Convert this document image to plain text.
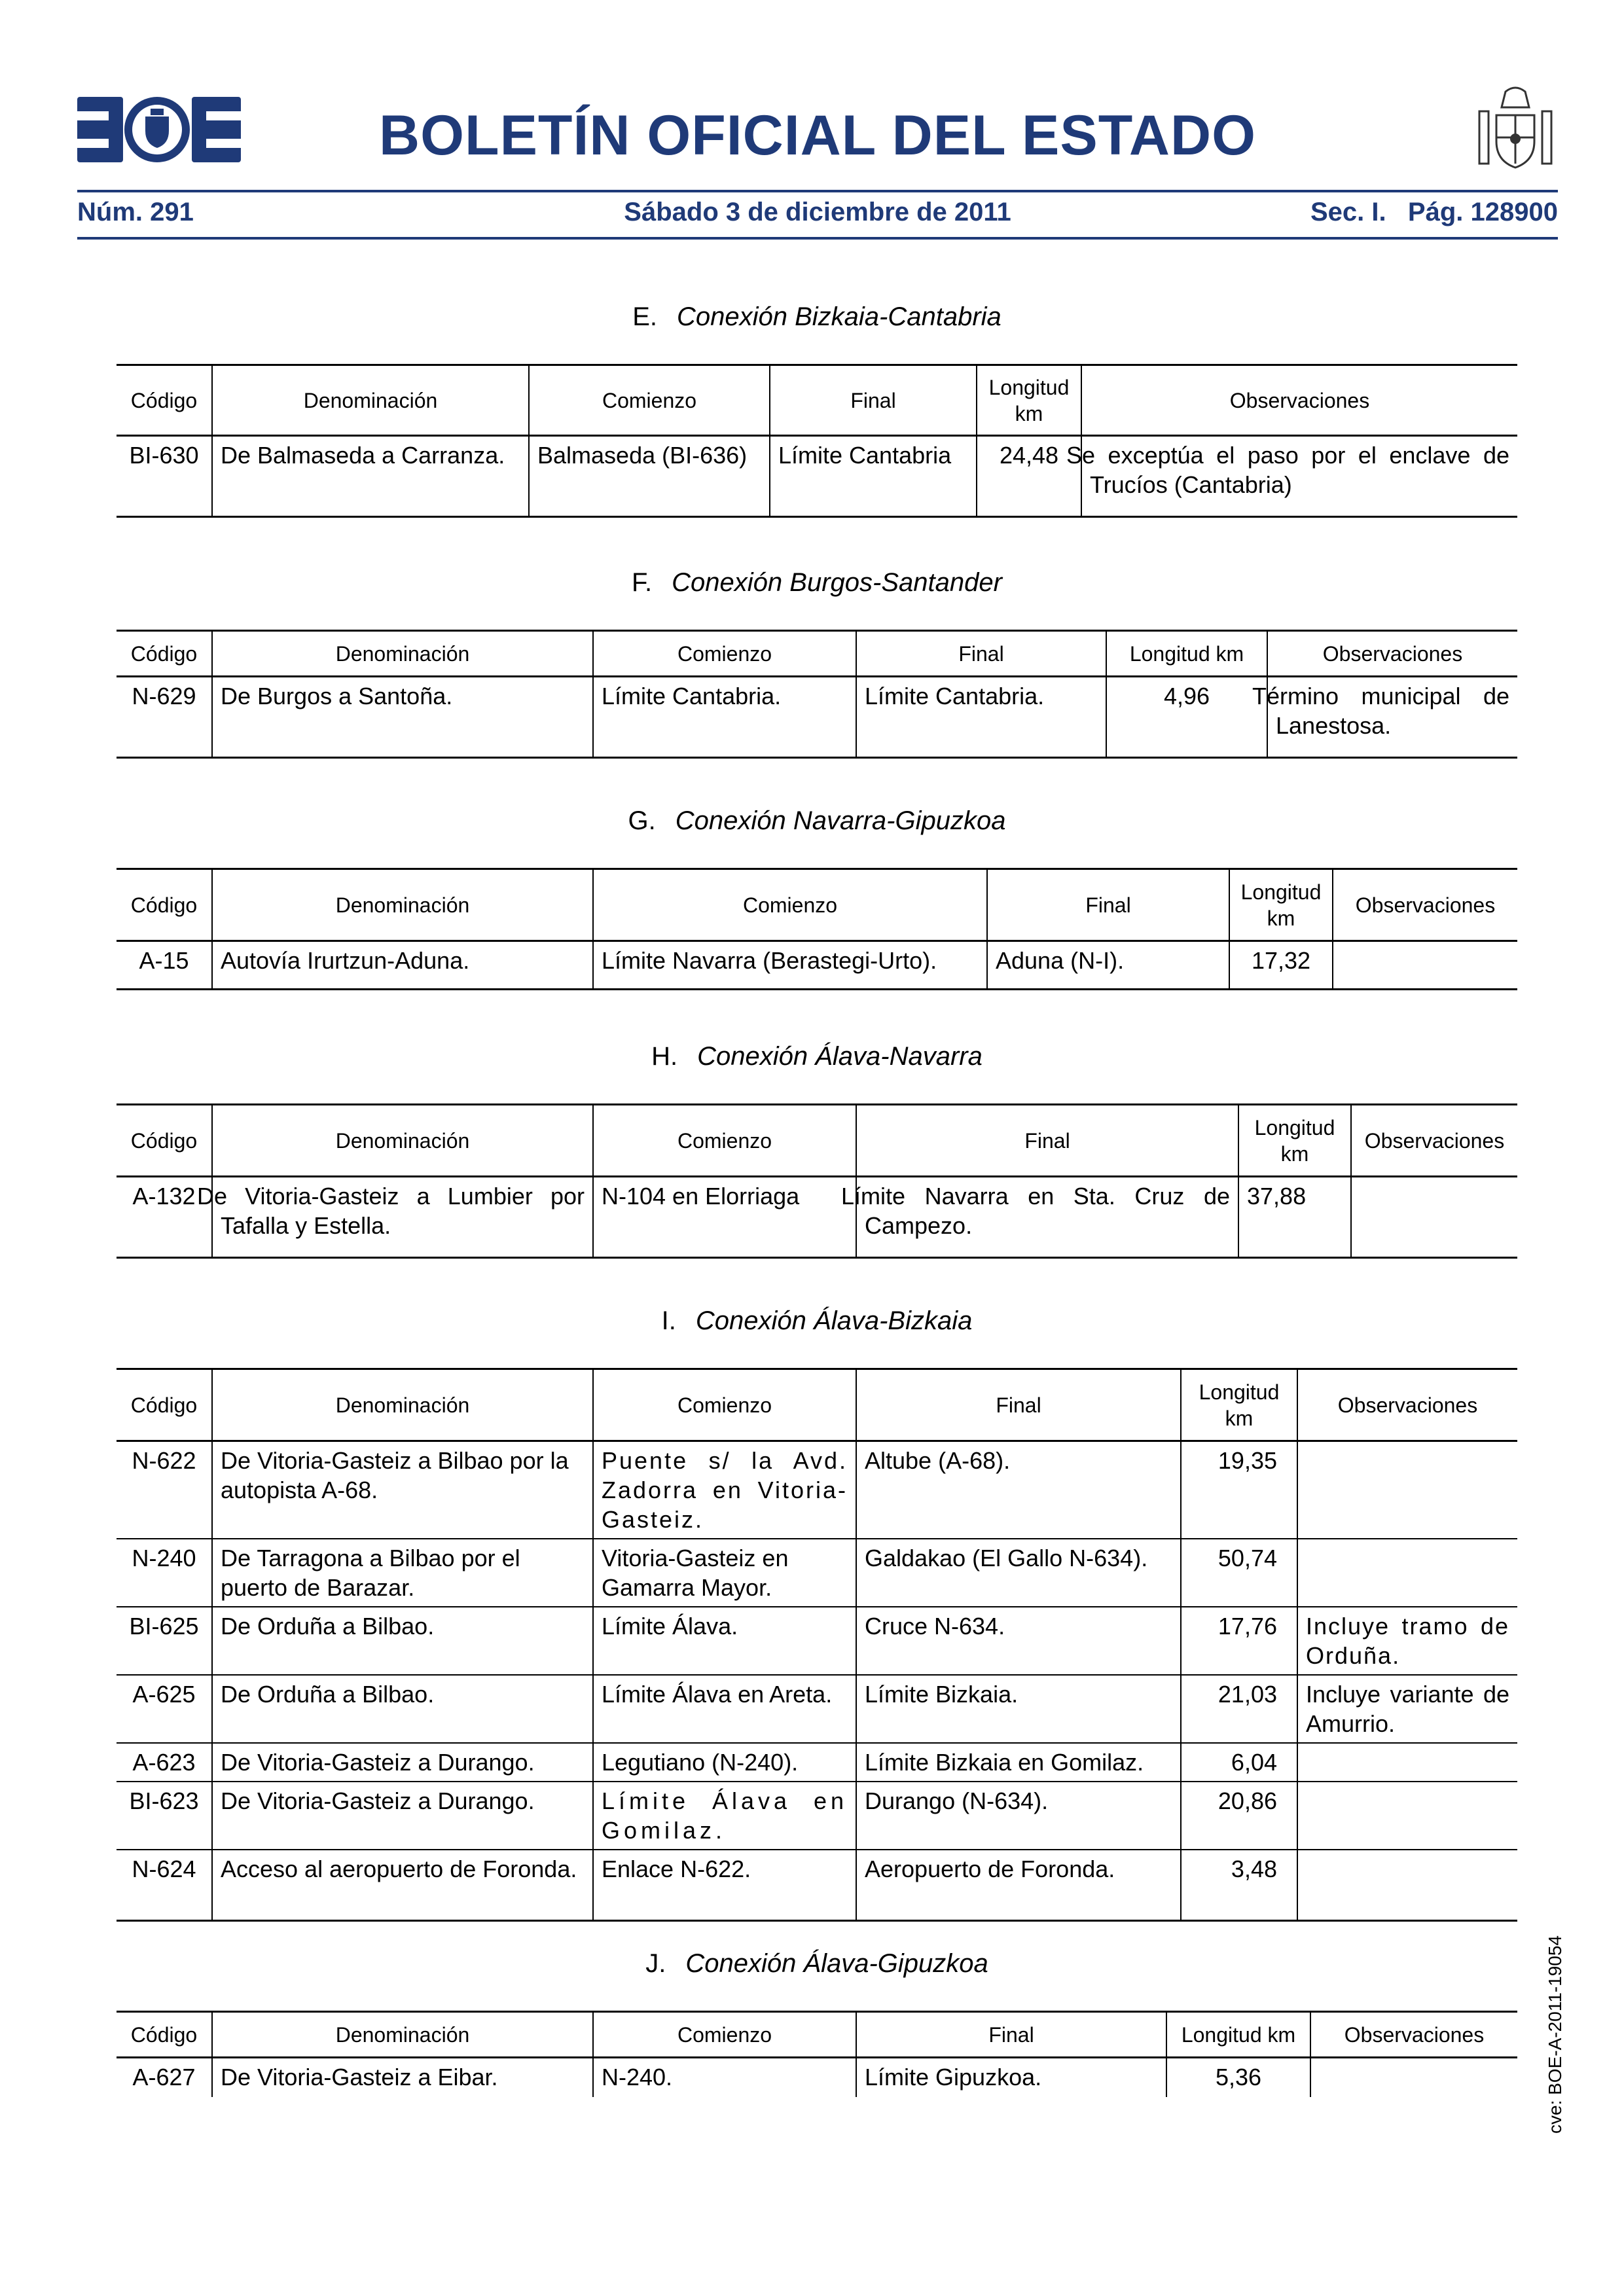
BOLETÍN OFICIAL DEL ESTADO
Núm. 291	Sábado 3 de diciembre de 2011	Sec. I.   Pág. 128900
E. Conexión Bizkaia-Cantabria
Código	Denominación	Comienzo	Final	Longitud km	Observaciones
BI-630	De Balmaseda a Carranza.	Balmaseda (BI-636)	Límite Cantabria	24,48	Se exceptúa el paso por el enclave de Trucíos (Cantabria)
F. Conexión Burgos-Santander
Código	Denominación	Comienzo	Final	Longitud km	Observaciones
N-629	De Burgos a Santoña.	Límite Cantabria.	Límite Cantabria.	4,96	Término municipal de Lanestosa.
G. Conexión Navarra-Gipuzkoa
Código	Denominación	Comienzo	Final	Longitud km	Observaciones
A-15	Autovía Irurtzun-Aduna.	Límite Navarra (Berastegi-Urto).	Aduna (N-I).	17,32	
H. Conexión Álava-Navarra
Código	Denominación	Comienzo	Final	Longitud km	Observaciones
A-132	De Vitoria-Gasteiz a Lumbier por Tafalla y Estella.	N-104 en Elorriaga	Límite Navarra en Sta. Cruz de Campezo.	37,88	
I. Conexión Álava-Bizkaia
Código	Denominación	Comienzo	Final	Longitud km	Observaciones
N-622	De Vitoria-Gasteiz a Bilbao por la autopista A-68.	Puente s/ la Avd. Zadorra en Vitoria-Gasteiz.	Altube (A-68).	19,35	
N-240	De Tarragona a Bilbao por el puerto de Barazar.	Vitoria-Gasteiz en Gamarra Mayor.	Galdakao (El Gallo N-634).	50,74	
BI-625	De Orduña a Bilbao.	Límite Álava.	Cruce N-634.	17,76	Incluye tramo de Orduña.
A-625	De Orduña a Bilbao.	Límite Álava en Areta.	Límite Bizkaia.	21,03	Incluye variante de Amurrio.
A-623	De Vitoria-Gasteiz a Durango.	Legutiano (N-240).	Límite Bizkaia en Gomilaz.	6,04	
BI-623	De Vitoria-Gasteiz a Durango.	Límite Álava en Gomilaz.	Durango (N-634).	20,86	
N-624	Acceso al aeropuerto de Foronda.	Enlace N-622.	Aeropuerto de Foronda.	3,48	
J. Conexión Álava-Gipuzkoa
Código	Denominación	Comienzo	Final	Longitud km	Observaciones
A-627	De Vitoria-Gasteiz a Eibar.	N-240.	Límite Gipuzkoa.	5,36		cve: BOE-A-2011-19054
